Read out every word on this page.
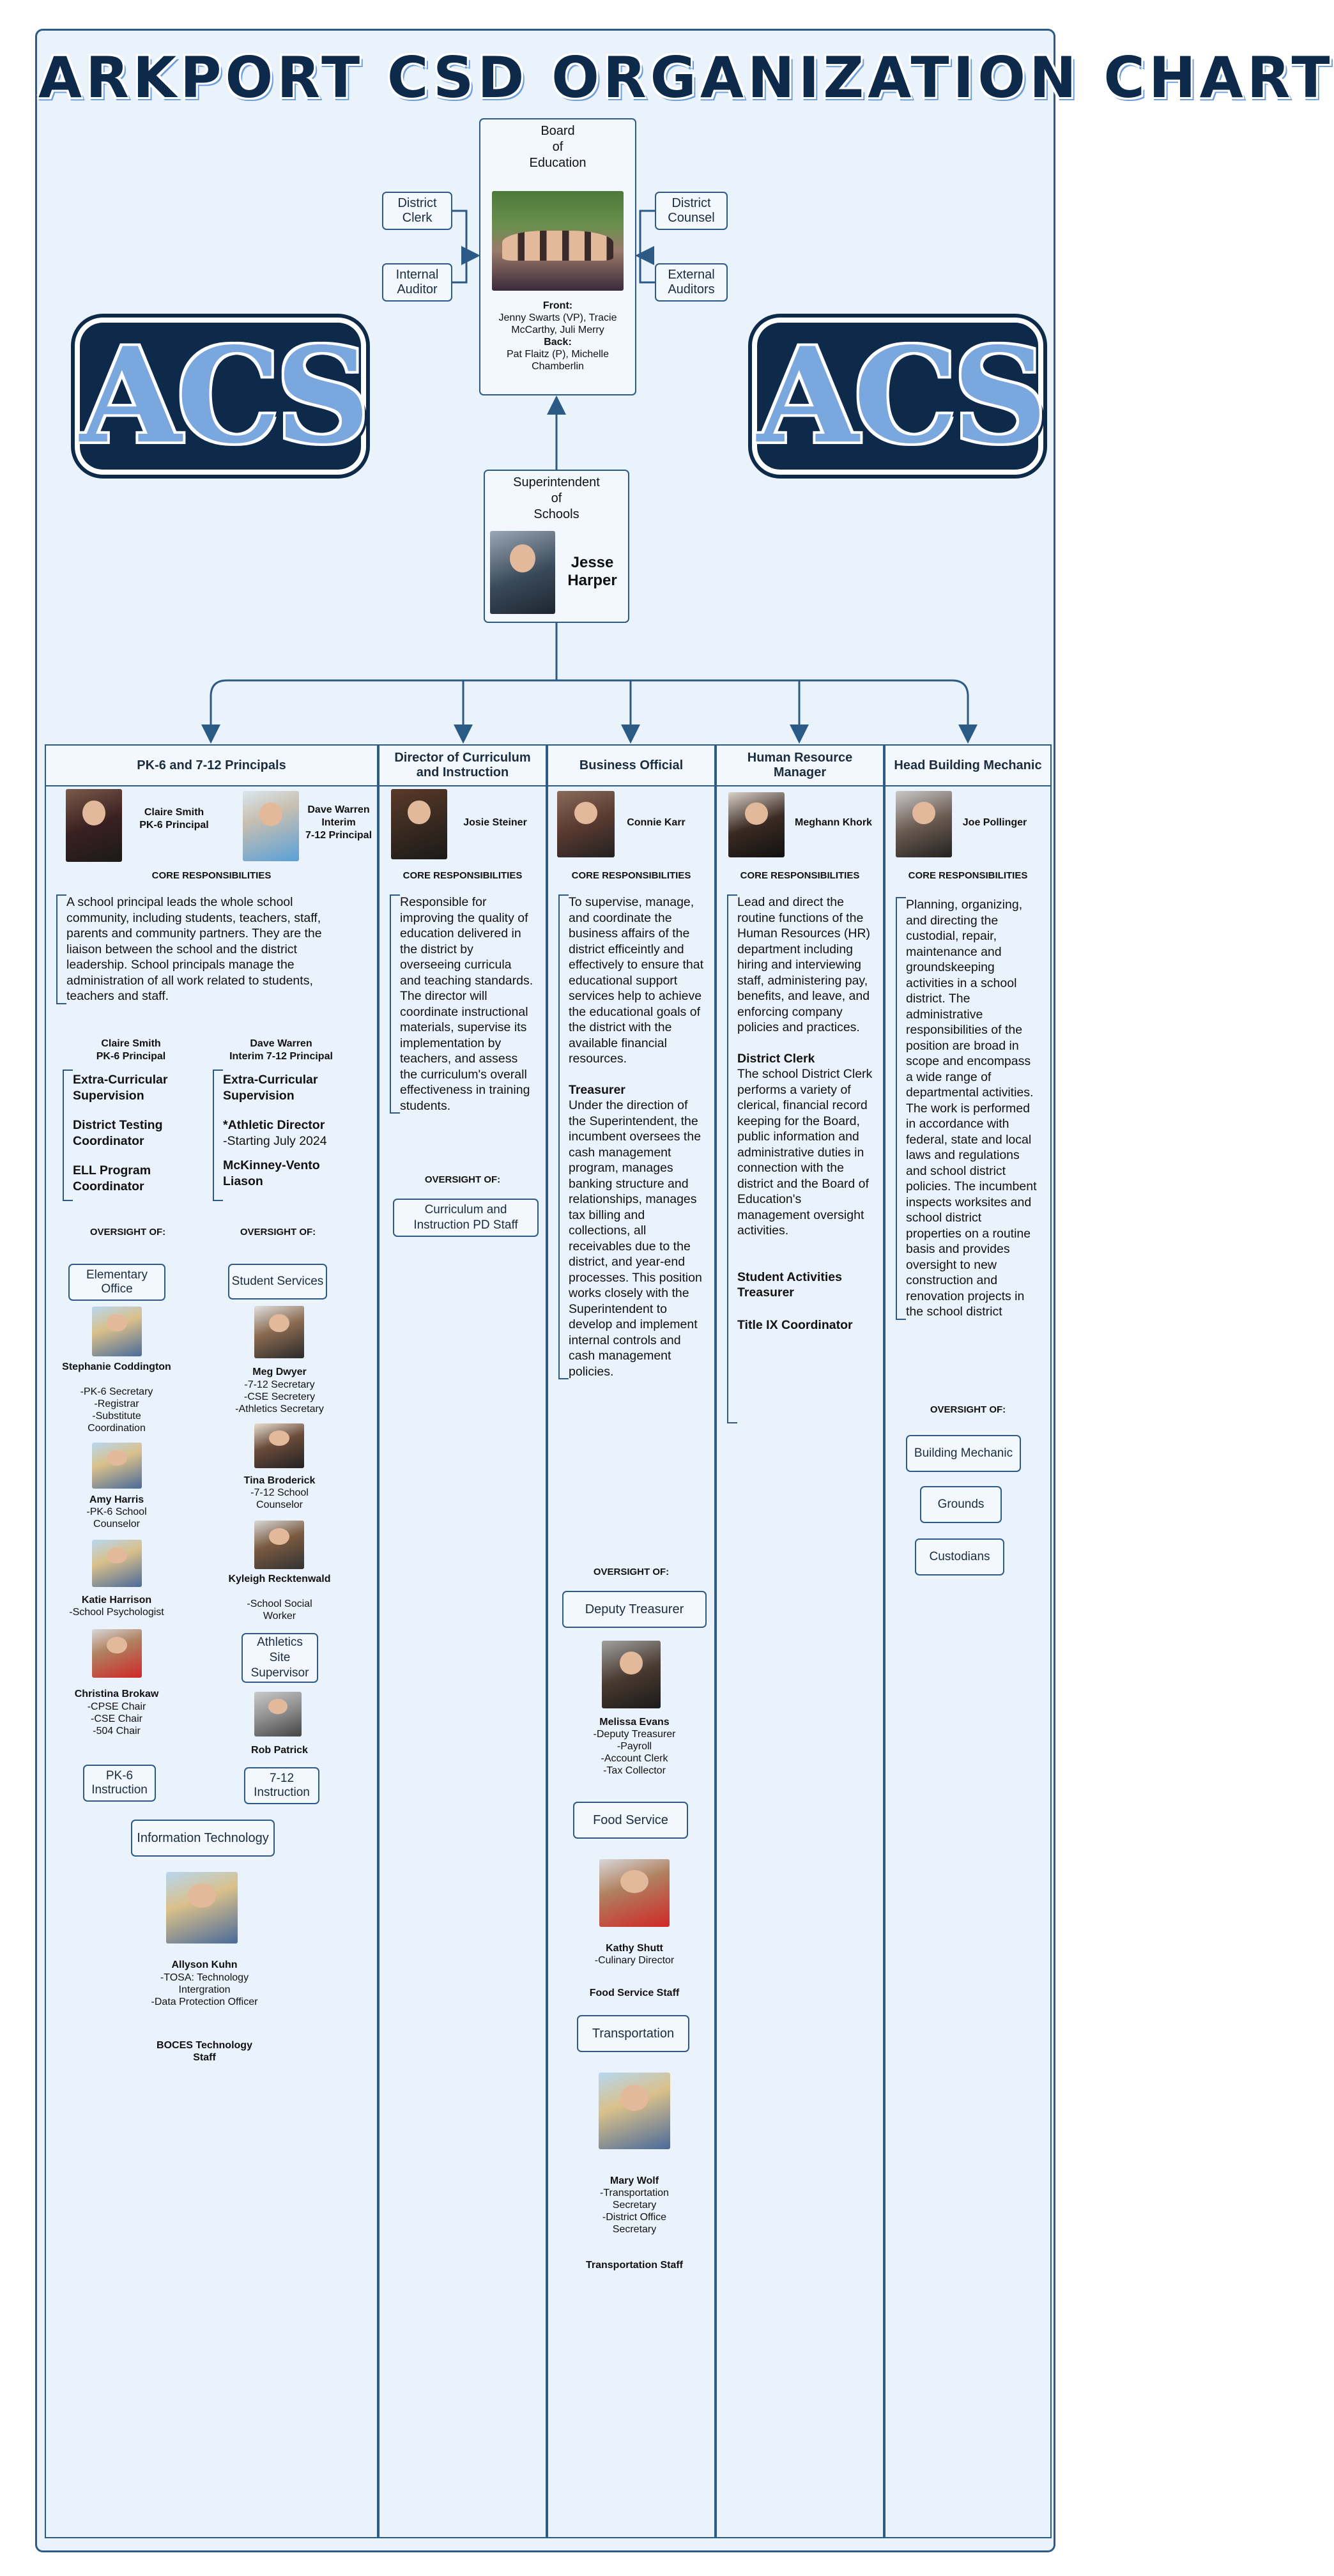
ARKPORT CSD ORGANIZATION CHART
ACS	ACS
District Clerk
Internal Auditor
District Counsel
External Auditors
Board
of
Education
Front:
Jenny Swarts (VP), Tracie McCarthy, Juli Merry
Back:
Pat Flaitz (P), Michelle Chamberlin
Superintendent
of
Schools
Jesse
Harper
PK-6 and 7-12 Principals
Claire Smith
PK-6 Principal
Dave Warren
Interim
7-12 Principal
CORE RESPONSIBILITIES
A school principal leads the whole school community, including students, teachers, staff, parents and community partners. They are the liaison between the school and the district leadership. School principals manage the administration of all work related to students, teachers and staff.
Claire Smith
PK-6 Principal
Extra-Curricular Supervision
District Testing Coordinator
ELL Program Coordinator
Dave Warren
Interim 7-12 Principal
Extra-Curricular Supervision
*Athletic Director
-Starting July 2024
McKinney-Vento Liason
OVERSIGHT OF:	OVERSIGHT OF:
Elementary Office
Student Services
Stephanie Coddington
-PK-6 Secretary
-Registrar
-Substitute
Coordination
Amy Harris
-PK-6 School
Counselor
Katie Harrison
-School Psychologist
Christina Brokaw
-CPSE Chair
-CSE Chair
-504 Chair
Meg Dwyer
-7-12 Secretary
-CSE Secretery
-Athletics Secretary
Tina Broderick
-7-12 School
Counselor
Kyleigh Recktenwald
-School Social
Worker
Athletics Site Supervisor
Rob Patrick
PK-6 Instruction
7-12 Instruction
Information Technology
Allyson Kuhn
-TOSA: Technology
Intergration
-Data Protection Officer
BOCES Technology Staff
Director of Curriculum and Instruction
Josie Steiner
CORE RESPONSIBILITIES
Responsible for improving the quality of education delivered in the district by overseeing curricula and teaching standards. The director will coordinate instructional materials, supervise its implementation by teachers, and assess the curriculum's overall effectiveness in training students.
OVERSIGHT OF:
Curriculum and Instruction PD Staff
Business Official
Connie Karr
CORE RESPONSIBILITIES
To supervise, manage, and coordinate the business affairs of the district efficeintly and effectively to ensure that educational support services help to achieve the educational goals of the district with the available financial resources.
Treasurer
Under the direction of the Superintendent, the incumbent oversees the cash management program, manages banking structure and relationships, manages tax billing and collections, all receivables due to the district, and year-end processes. This position works closely with the Superintendent to develop and implement internal controls and cash management policies.
OVERSIGHT OF:
Deputy Treasurer
Melissa Evans
-Deputy Treasurer
-Payroll
-Account Clerk
-Tax Collector
Food Service
Kathy Shutt
-Culinary Director
Food Service Staff
Transportation
Mary Wolf
-Transportation
Secretary
-District Office
Secretary
Transportation Staff
Human Resource Manager
Meghann Khork
CORE RESPONSIBILITIES
Lead and direct the routine functions of the Human Resources (HR) department including hiring and interviewing staff, administering pay, benefits, and leave, and enforcing company policies and practices.
District Clerk
The school District Clerk performs a variety of clerical, financial record keeping for the Board, public information and administrative duties in connection with the district and the Board of Education's management oversight activities.
Student Activities Treasurer
Title IX Coordinator
Head Building Mechanic
Joe Pollinger
CORE RESPONSIBILITIES
Planning, organizing, and directing the custodial, repair, maintenance and groundskeeping activities in a school district. The administrative responsibilities of the position are broad in scope and encompass a wide range of departmental activities. The work is performed in accordance with federal, state and local laws and regulations and school district policies. The incumbent inspects worksites and school district properties on a routine basis and provides oversight to new construction and renovation projects in the school district
OVERSIGHT OF:
Building Mechanic
Grounds
Custodians
